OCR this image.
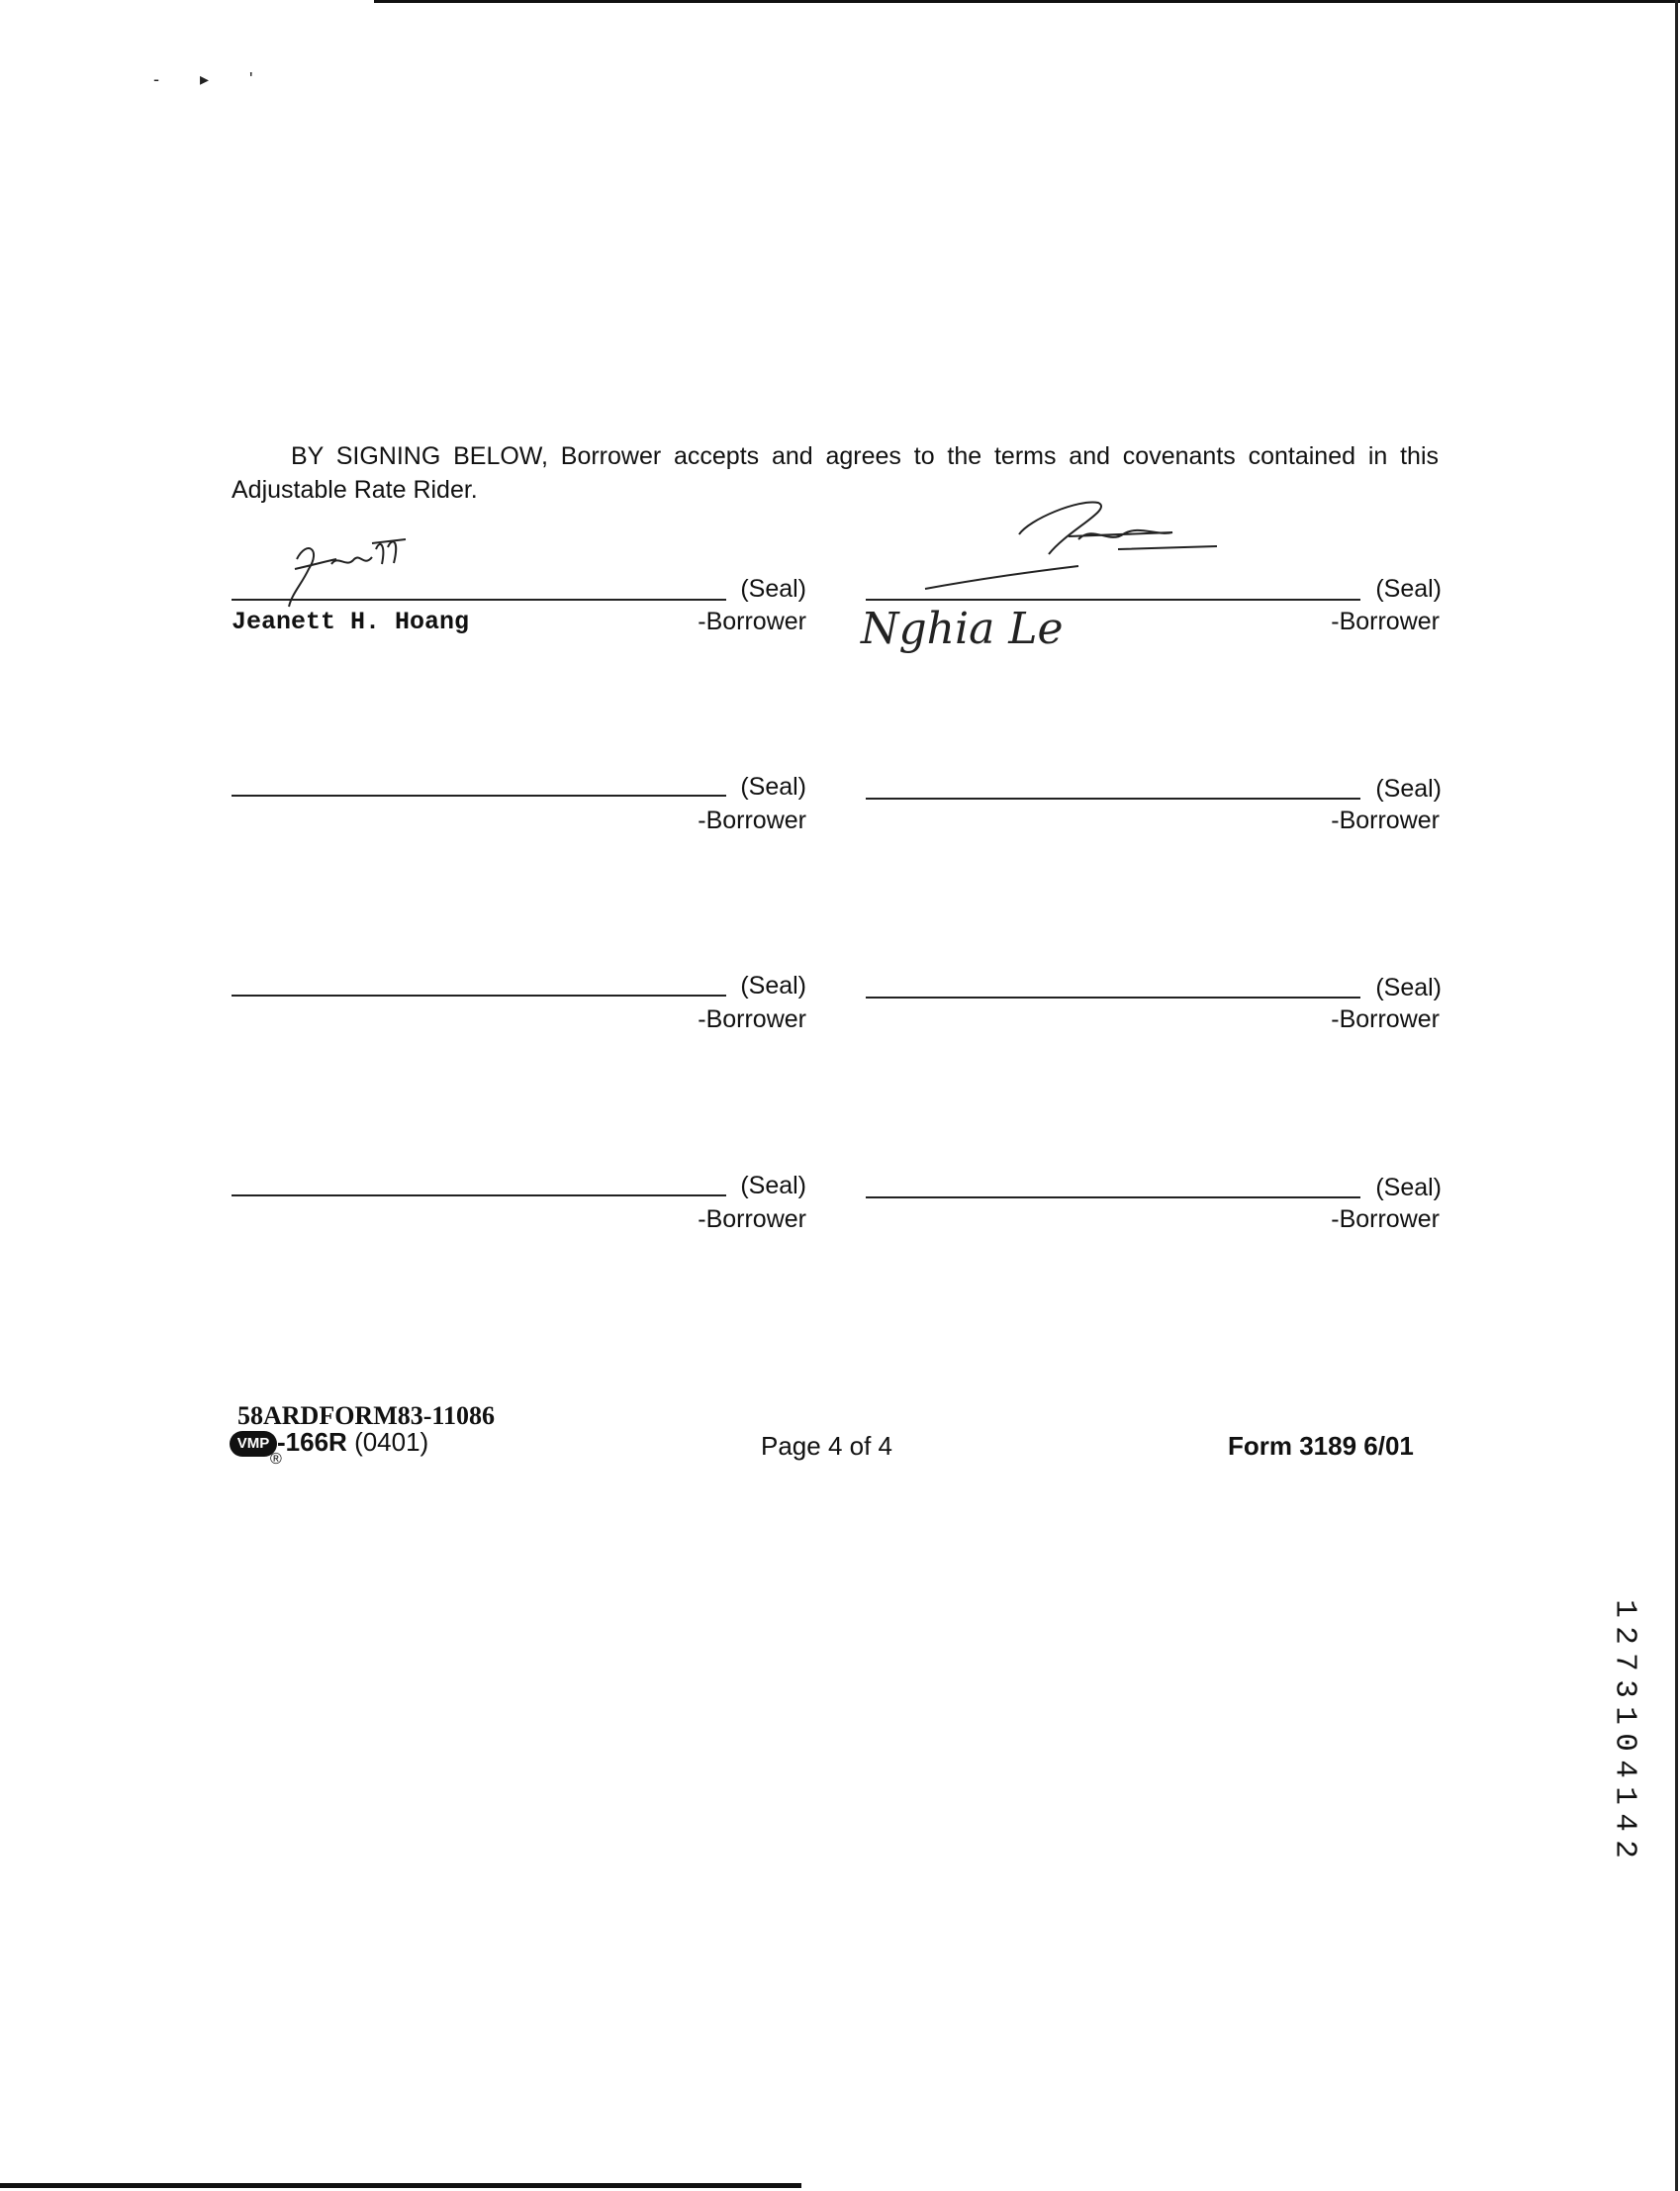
- ▸ '

BY SIGNING BELOW, Borrower accepts and agrees to the terms and covenants contained in this Adjustable Rate Rider.

(Seal)
-Borrower
Jeanett H. Hoang
(Seal)
-Borrower
Nghia Le
(Seal)
-Borrower
(Seal)
-Borrower
(Seal)
-Borrower
(Seal)
-Borrower
(Seal)
-Borrower
(Seal)
-Borrower
58ARDFORM83-11086
VMP -166R (0401)
®	Page 4 of 4	Form 3189 6/01
1
2
7
3
1
0
4
1
4
2
